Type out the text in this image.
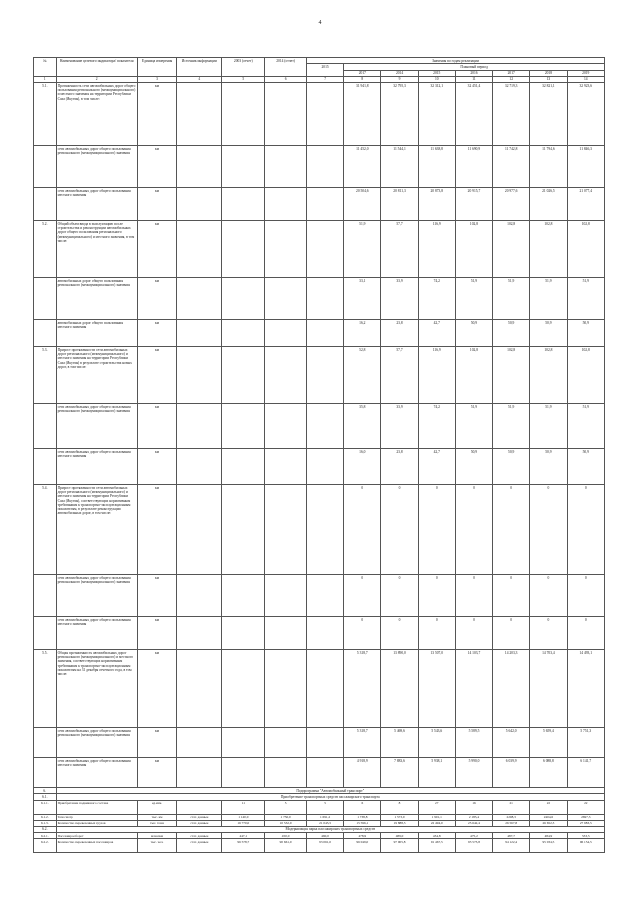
4
№	Наименование целевого индикатора/ показателя	Единица измерения	Источник информации	2003 (отчет)	2014 (отчет)	Значения по годам реализации							
						2015	Плановый период						
							2017	2014	2015	2016	2017	2018	2019
1	2	3	4	5	6	7	8	9	10	11	12	13	14
5.1.	Протяженность сети автомобильных дорог общего пользования регионального (межмуниципального) и местного значения на территории Республики Саха (Якутия), в том числе:	км					31 941,8	32 795,3	32 312,1	32 451,4	32 719,3	32 821,1	32 923,6
	сети автомобильных дорог общего пользования регионального (межмуниципального) значения	км					11 452,0	11 544,1	11 638,8	11 690,9	11 742,8	11 794,6	11 846,3
	сети автомобильных дорог общего пользования местного значения	км					20 504,6	20 811,3	20 873,8	20 915,7	20 977,6	21 026,5	21 077,4
5.2.	Общий объем ввода в эксплуатацию после строительства и реконструкции автомобильных дорог общего пользования регионального (межмуниципального) и местного значения, в том числе:	км					51,9	57,7	116,9	102,8	102,8	102,8	102,8
	автомобильных дорог общего пользования регионального (межмуниципального) значения	км					33,1	33,9	74,2	51,9	51,9	51,9	51,9
	автомобильных дорог общего пользования местного значения	км					16,2	23,8	42,7	50,9	50,9	50,9	50,9
5.3.	Прирост протяженности сети автомобильных дорог регионального (межмуниципального) и местного значения на территории Республики Саха (Якутия) в результате строительства новых дорог, в том числе:	км					52,8	57,7	116,9	102,8	102,8	102,8	102,8
	сети автомобильных дорог общего пользования регионального (межмуниципального) значения	км					35,8	33,9	74,2	51,9	51,9	51,9	51,9
	сети автомобильных дорог общего пользования местного значения	км					16,0	23,8	42,7	50,9	50,9	50,9	50,9
5.4.	Прирост протяженности сети автомобильных дорог регионального (межмуниципального) и местного значения на территории Республики Саха (Якутия), соответствующих нормативным требованиям к транспортно-эксплуатационным показателям, в результате реконструкции автомобильных дорог, в том числе:	км					0	0	0	0	0	0	0
	сети автомобильных дорог общего пользования регионального (межмуниципального) значения	км					0	0	0	0	0	0	0
	сети автомобильных дорог общего пользования местного значения	км					0	0	0	0	0	0	0
5.5.	Общая протяженность автомобильных дорог регионального (межмуниципального) и местного значения, соответствующих нормативным требованиям к транспортно-эксплуатационным показателям на 31 декабря отчетного года, в том числе:	км					5 318,7	13 890,0	13 507,0	14 103,7	14 203,3	14 703,4	14 493,1
	сети автомобильных дорог общего пользования регионального (межмуниципального) значения	км					5 318,7	5 469,6	5 543,6	5 589,5	5 642,0	5 659,4	5 751,3
	сети автомобильных дорог общего пользования местного значения	км					4 918,9	7 883,6	5 938,1	5 990,0	6 039,9	6 088,8	6 141,7
6.	Подпрограмма "Автомобильный транспорт"												
6.1.	Приобретение транспортных средств пассажирского транспорта												
6.1.1.	Приобретение подвижного состава	ед.изм.		11	5	5	6	8	27	16	21	22	22
6.1.2.	Техосмотр	тыс. км	стат. данные	1 140,0	1 750,0	1 691,2	1 738,8	1 573,0	1 901,1	2 183,4	2208,3	2404,6	2697,3
6.1.3.	Количество перевезенных грузов	тыс. тонн	стат. данные	16 770,0	10 532,0	21 043,5	15 596,1	19 888,3	22 494,0	25 642,4	26 567,8	26 652,3	27 983,5
6.2.	Модернизация парка пассажирских транспортных средств												
6.2.1.	Пассажирооборот	млн.пкм	стат. данные	447,1	450,0	460,0	478,9	489,0	434,8	475,2	487,7	484,9	533,5
6.2.2.	Количество перевезенных пассажиров	тыс. чел.	стат. данные	96 578,7	90 661,0	93 061,0	96 049,0	97 905,8	91 467,5	93 573,8	94 122,4	95 034,5	96 154,5
